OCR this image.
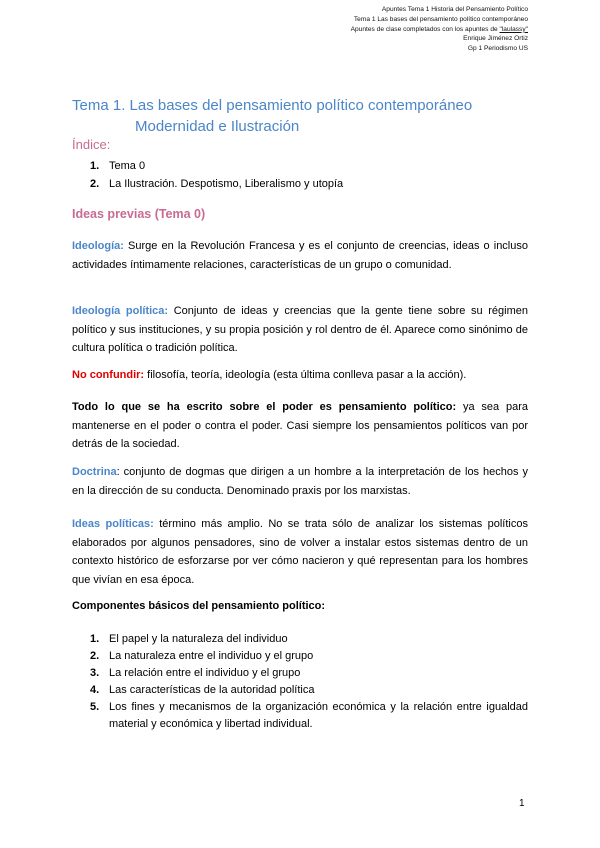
Apuntes Tema 1 Historia del Pensamiento Político
Tema 1 Las bases del pensamiento político contemporáneo
Apuntes de clase completados con los apuntes de "laulassy"
Enrique Jiménez Ortiz
Gp 1 Periodismo US
Tema 1. Las bases del pensamiento político contemporáneo
Modernidad e Ilustración
Índice:
1. Tema 0
2. La Ilustración. Despotismo, Liberalismo y utopía
Ideas previas (Tema 0)
Ideología: Surge en la Revolución Francesa y es el conjunto de creencias, ideas o incluso actividades íntimamente relaciones, características de un grupo o comunidad.
Ideología política: Conjunto de ideas y creencias que la gente tiene sobre su régimen político y sus instituciones, y su propia posición y rol dentro de él. Aparece como sinónimo de cultura política o tradición política.
No confundir: filosofía, teoría, ideología (esta última conlleva pasar a la acción).
Todo lo que se ha escrito sobre el poder es pensamiento político: ya sea para mantenerse en el poder o contra el poder. Casi siempre los pensamientos políticos van por detrás de la sociedad.
Doctrina: conjunto de dogmas que dirigen a un hombre a la interpretación de los hechos y en la dirección de su conducta. Denominado praxis por los marxistas.
Ideas políticas: término más amplio. No se trata sólo de analizar los sistemas políticos elaborados por algunos pensadores, sino de volver a instalar estos sistemas dentro de un contexto histórico de esforzarse por ver cómo nacieron y qué representan para los hombres que vivían en esa época.
Componentes básicos del pensamiento político:
1. El papel y la naturaleza del individuo
2. La naturaleza entre el individuo y el grupo
3. La relación entre el individuo y el grupo
4. Las características de la autoridad política
5. Los fines y mecanismos de la organización económica y la relación entre igualdad material y económica y libertad individual.
1
